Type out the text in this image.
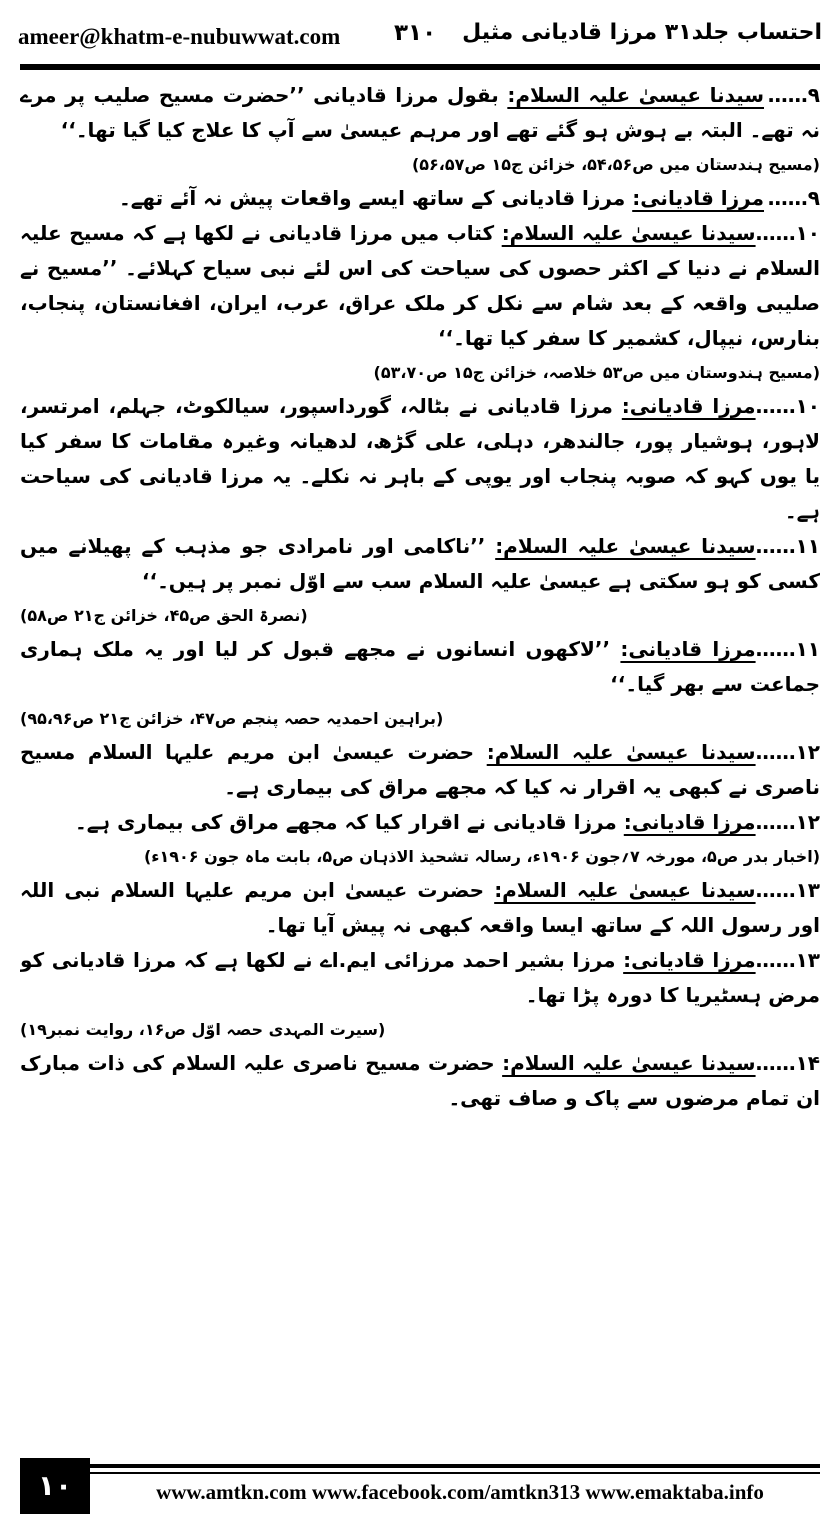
ameer@khatm-e-nubuwwat.com ۳۱۰ احتساب جلد۳۱ مرزا قادیانی مثیل

۹……سیدنا عیسیٰ علیہ السلام: بقول مرزا قادیانی ’’حضرت مسیح صلیب پر مرے نہ تھے۔ البتہ بے ہوش ہو گئے تھے اور مرہم عیسیٰ سے آپ کا علاج کیا گیا تھا۔‘‘

(مسیح ہندستان میں ص۵۴،۵۶، خزائن ج۱۵ ص۵۶،۵۷)

۹……مرزا قادیانی: مرزا قادیانی کے ساتھ ایسے واقعات پیش نہ آئے تھے۔

۱۰……سیدنا عیسیٰ علیہ السلام: کتاب میں مرزا قادیانی نے لکھا ہے کہ مسیح علیہ السلام نے دنیا کے اکثر حصوں کی سیاحت کی اس لئے نبی سیاح کہلائے۔ ’’مسیح نے صلیبی واقعہ کے بعد شام سے نکل کر ملک عراق، عرب، ایران، افغانستان، پنجاب، بنارس، نیپال، کشمیر کا سفر کیا تھا۔‘‘

(مسیح ہندوستان میں ص۵۳ خلاصہ، خزائن ج۱۵ ص۵۳،۷۰)

۱۰……مرزا قادیانی: مرزا قادیانی نے بٹالہ، گورداسپور، سیالکوٹ، جہلم، امرتسر، لاہور، ہوشیار پور، جالندھر، دہلی، علی گڑھ، لدھیانہ وغیرہ مقامات کا سفر کیا یا یوں کہو کہ صوبہ پنجاب اور یوپی کے باہر نہ نکلے۔ یہ مرزا قادیانی کی سیاحت ہے۔

۱۱……سیدنا عیسیٰ علیہ السلام: ’’ناکامی اور نامرادی جو مذہب کے پھیلانے میں کسی کو ہو سکتی ہے عیسیٰ علیہ السلام سب سے اوّل نمبر پر ہیں۔‘‘

(نصرۃ الحق ص۴۵، خزائن ج۲۱ ص۵۸)

۱۱……مرزا قادیانی: ’’لاکھوں انسانوں نے مجھے قبول کر لیا اور یہ ملک ہماری جماعت سے بھر گیا۔‘‘

(براہین احمدیہ حصہ پنجم ص۴۷، خزائن ج۲۱ ص۹۵،۹۶)

۱۲……سیدنا عیسیٰ علیہ السلام: حضرت عیسیٰ ابن مریم علیہا السلام مسیح ناصری نے کبھی یہ اقرار نہ کیا کہ مجھے مراق کی بیماری ہے۔

۱۲……مرزا قادیانی: مرزا قادیانی نے اقرار کیا کہ مجھے مراق کی بیماری ہے۔

(اخبار بدر ص۵، مورخہ ۷؍جون ۱۹۰۶ء، رسالہ تشحیذ الاذہان ص۵، بابت ماہ جون ۱۹۰۶ء)

۱۳……سیدنا عیسیٰ علیہ السلام: حضرت عیسیٰ ابن مریم علیہا السلام نبی اللہ اور رسول اللہ کے ساتھ ایسا واقعہ کبھی نہ پیش آیا تھا۔

۱۳……مرزا قادیانی: مرزا بشیر احمد مرزائی ایم.اے نے لکھا ہے کہ مرزا قادیانی کو مرض ہسٹیریا کا دورہ پڑا تھا۔

(سیرت المہدی حصہ اوّل ص۱۶، روایت نمبر۱۹)

۱۴……سیدنا عیسیٰ علیہ السلام: حضرت مسیح ناصری علیہ السلام کی ذات مبارک ان تمام مرضوں سے پاک و صاف تھی۔

۱۰	www.amtkn.com www.facebook.com/amtkn313 www.emaktaba.info
